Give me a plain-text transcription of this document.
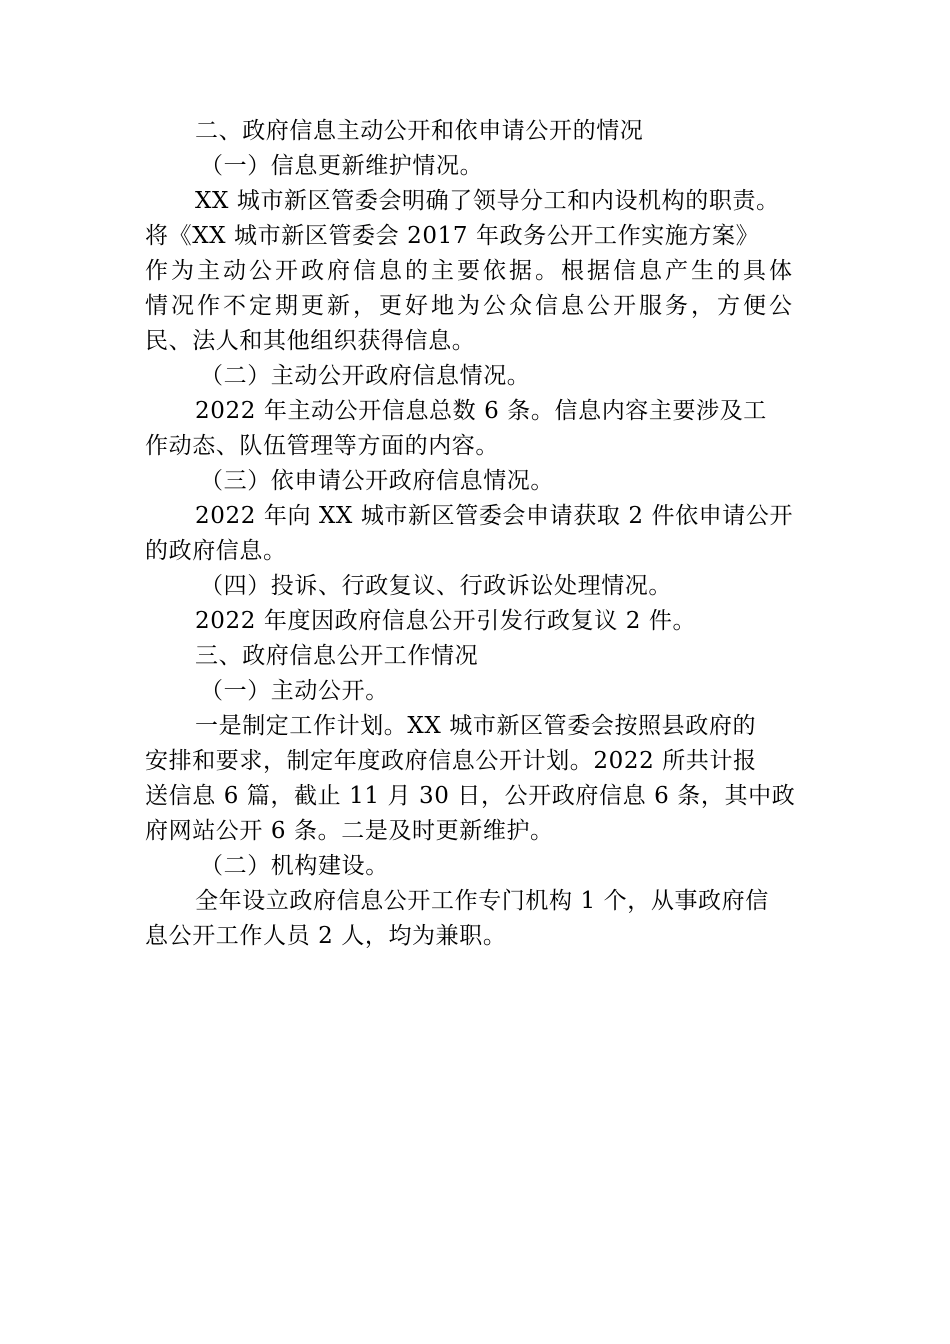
二、政府信息主动公开和依申请公开的情况
（一）信息更新维护情况。
XX 城市新区管委会明确了领导分工和内设机构的职责。
将《XX 城市新区管委会 2017 年政务公开工作实施方案》
作为主动公开政府信息的主要依据。根据信息产生的具体
情况作不定期更新，更好地为公众信息公开服务，方便公
民、法人和其他组织获得信息。
（二）主动公开政府信息情况。
2022 年主动公开信息总数 6 条。信息内容主要涉及工
作动态、队伍管理等方面的内容。
（三）依申请公开政府信息情况。
2022 年向 XX 城市新区管委会申请获取 2 件依申请公开
的政府信息。
（四）投诉、行政复议、行政诉讼处理情况。
2022 年度因政府信息公开引发行政复议 2 件。
三、政府信息公开工作情况
（一）主动公开。
一是制定工作计划。XX 城市新区管委会按照县政府的
安排和要求，制定年度政府信息公开计划。2022 所共计报
送信息 6 篇，截止 11 月 30 日，公开政府信息 6 条，其中政
府网站公开 6 条。二是及时更新维护。
（二）机构建设。
全年设立政府信息公开工作专门机构 1 个，从事政府信
息公开工作人员 2 人，均为兼职。
